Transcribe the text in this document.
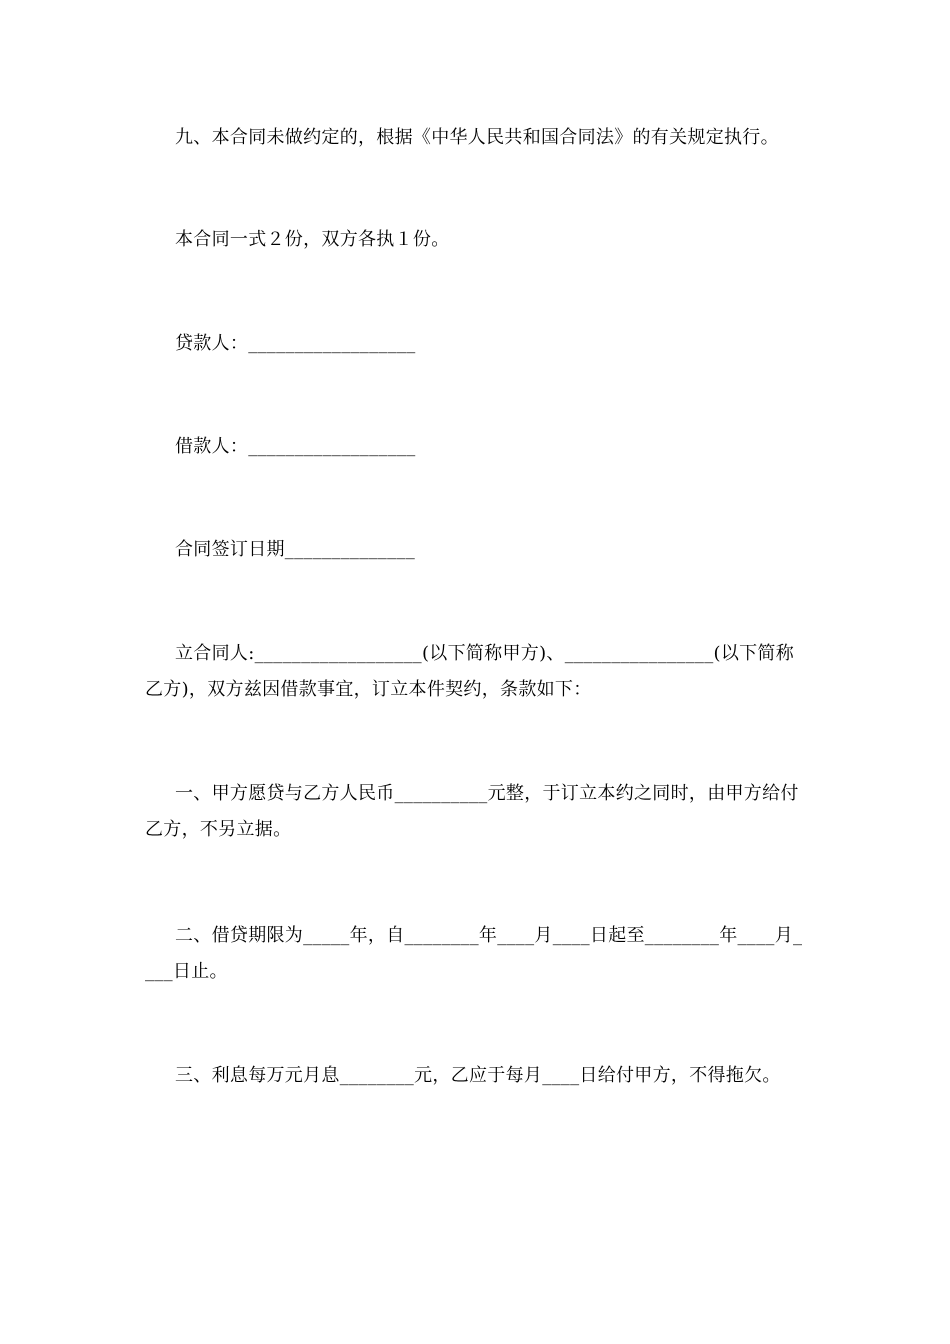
九、本合同未做约定的，根据《中华人民共和国合同法》的有关规定执行。

本合同一式２份，双方各执１份。

贷款人：__________________

借款人：__________________

合同签订日期______________

立合同人:__________________(以下简称甲方)、________________(以下简称乙方)，双方兹因借款事宜，订立本件契约，条款如下：

一、甲方愿贷与乙方人民币__________元整，于订立本约之同时，由甲方给付乙方，不另立据。

二、借贷期限为_____年，自________年____月____日起至________年____月____日止。

三、利息每万元月息________元，乙应于每月____日给付甲方，不得拖欠。
